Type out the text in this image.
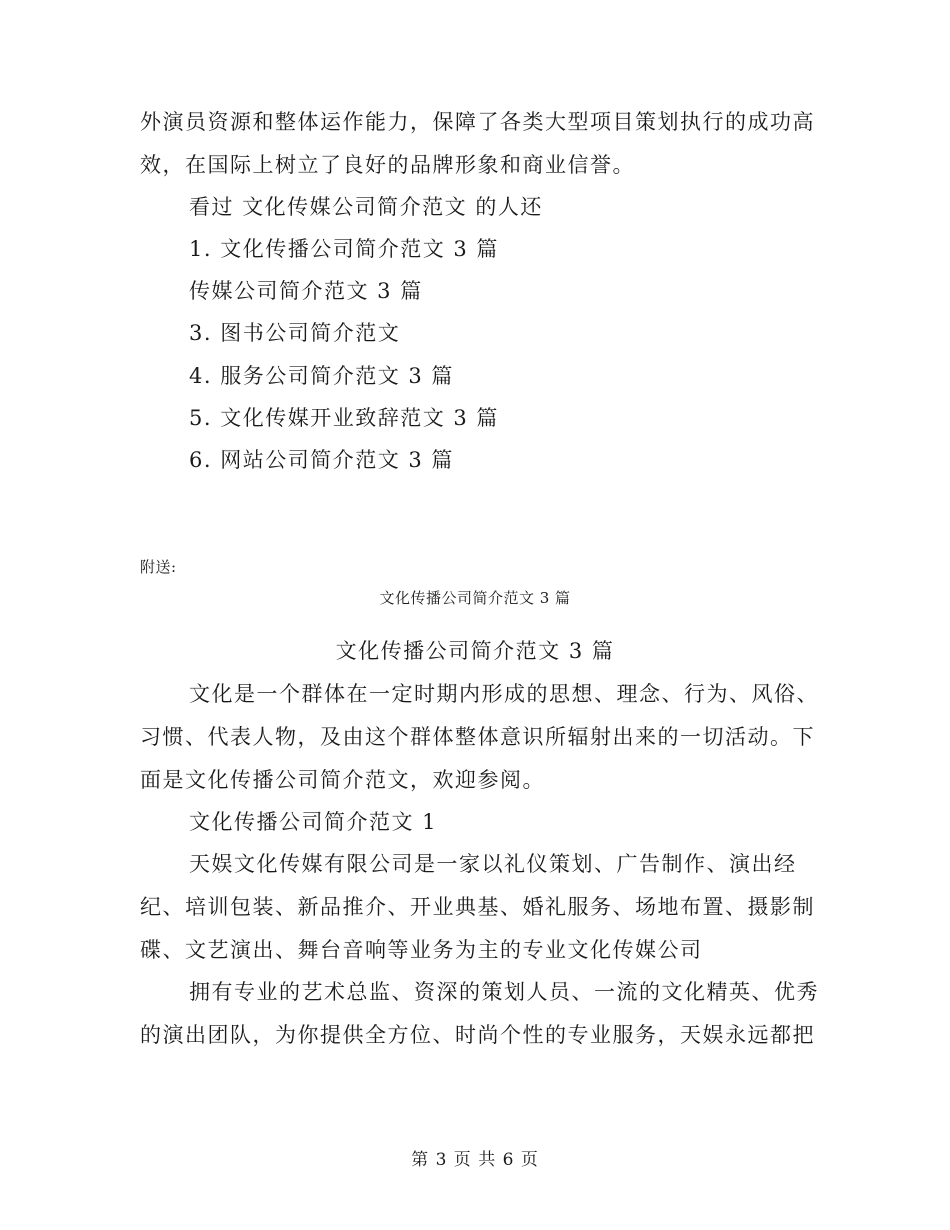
外演员资源和整体运作能力，保障了各类大型项目策划执行的成功高
效，在国际上树立了良好的品牌形象和商业信誉。
看过 文化传媒公司简介范文 的人还
1. 文化传播公司简介范文 3 篇
传媒公司简介范文 3 篇
3. 图书公司简介范文
4. 服务公司简介范文 3 篇
5. 文化传媒开业致辞范文 3 篇
6. 网站公司简介范文 3 篇
附送:
文化传播公司简介范文 3 篇
文化传播公司简介范文 3 篇
文化是一个群体在一定时期内形成的思想、理念、行为、风俗、
习惯、代表人物，及由这个群体整体意识所辐射出来的一切活动。下
面是文化传播公司简介范文，欢迎参阅。
文化传播公司简介范文 1
天娱文化传媒有限公司是一家以礼仪策划、广告制作、演出经
纪、培训包装、新品推介、开业典基、婚礼服务、场地布置、摄影制
碟、文艺演出、舞台音响等业务为主的专业文化传媒公司
拥有专业的艺术总监、资深的策划人员、一流的文化精英、优秀
的演出团队，为你提供全方位、时尚个性的专业服务，天娱永远都把
第 3 页 共 6 页
